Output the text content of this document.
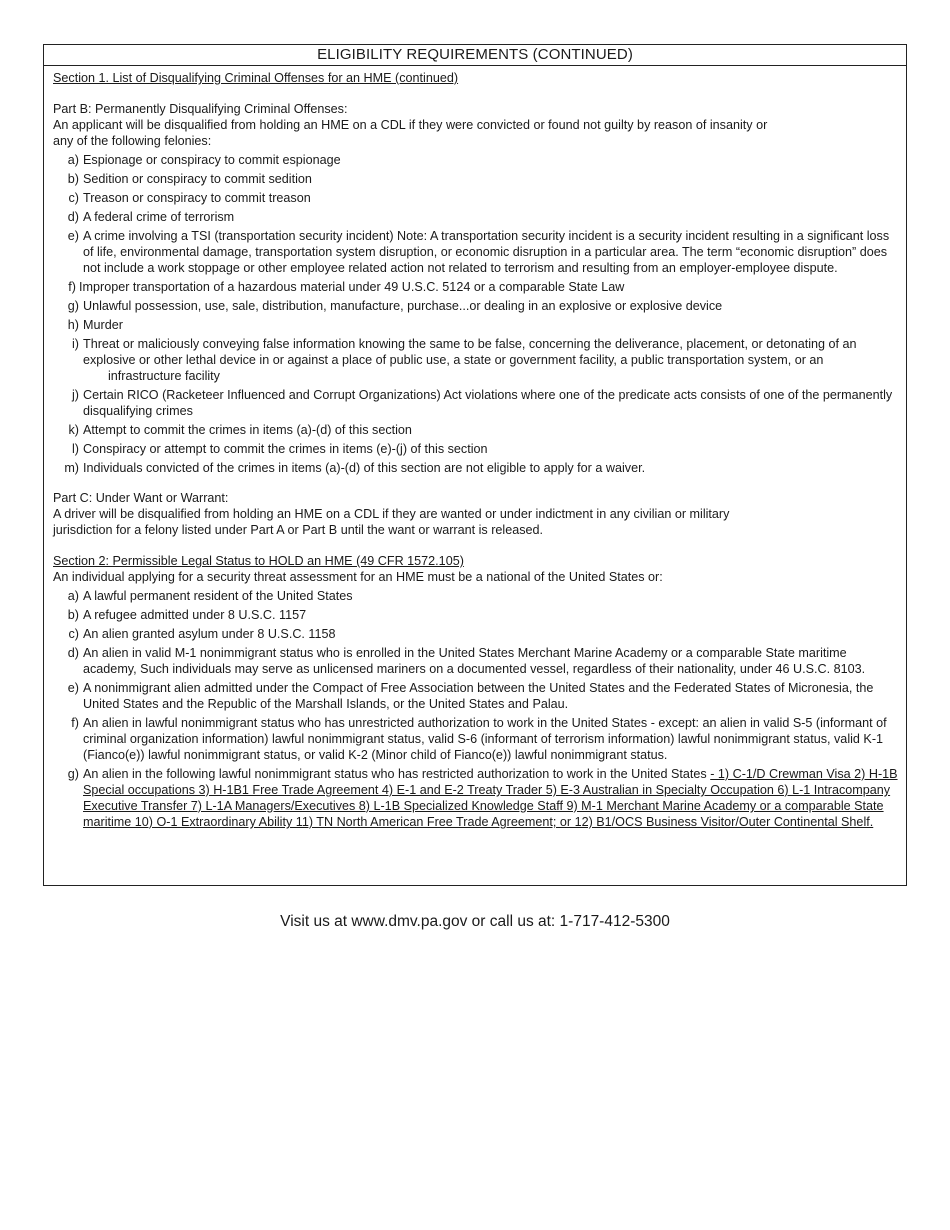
ELIGIBILITY REQUIREMENTS (CONTINUED)
Section 1. List of Disqualifying Criminal Offenses for an HME (continued)
Part B: Permanently Disqualifying Criminal Offenses:
An applicant will be disqualified from holding an HME on a CDL if they were convicted or found not guilty by reason of insanity or
any of the following felonies:
a) Espionage or conspiracy to commit espionage
b) Sedition or conspiracy to commit sedition
c) Treason or conspiracy to commit treason
d) A federal crime of terrorism
e) A crime involving a TSI (transportation security incident) Note: A transportation security incident is a security incident resulting in a significant loss of life, environmental damage, transportation system disruption, or economic disruption in a particular area. The term “economic disruption” does not include a work stoppage or other employee related action not related to terrorism and resulting from an employer-employee dispute.
f) Improper transportation of a hazardous material under 49 U.S.C. 5124 or a comparable State Law
g) Unlawful possession, use, sale, distribution, manufacture, purchase...or dealing in an explosive or explosive device
h) Murder
i) Threat or maliciously conveying false information knowing the same to be false, concerning the deliverance, placement, or detonating of an explosive or other lethal device in or against a place of public use, a state or government facility, a public transportation system, or an
infrastructure facility
j) Certain RICO (Racketeer Influenced and Corrupt Organizations) Act violations where one of the predicate acts consists of one of the permanently disqualifying crimes
k) Attempt to commit the crimes in items (a)-(d) of this section
l) Conspiracy or attempt to commit the crimes in items (e)-(j) of this section
m) Individuals convicted of the crimes in items (a)-(d) of this section are not eligible to apply for a waiver.
Part C: Under Want or Warrant:
A driver will be disqualified from holding an HME on a CDL if they are wanted or under indictment in any civilian or military
jurisdiction for a felony listed under Part A or Part B until the want or warrant is released.
Section 2: Permissible Legal Status to HOLD an HME (49 CFR 1572.105)
An individual applying for a security threat assessment for an HME must be a national of the United States or:
a) A lawful permanent resident of the United States
b) A refugee admitted under 8 U.S.C. 1157
c) An alien granted asylum under 8 U.S.C. 1158
d) An alien in valid M-1 nonimmigrant status who is enrolled in the United States Merchant Marine Academy or a comparable State maritime academy, Such individuals may serve as unlicensed mariners on a documented vessel, regardless of their nationality, under 46 U.S.C. 8103.
e) A nonimmigrant alien admitted under the Compact of Free Association between the United States and the Federated States of Micronesia, the United States and the Republic of the Marshall Islands, or the United States and Palau.
f) An alien in lawful nonimmigrant status who has unrestricted authorization to work in the United States - except: an alien in valid S-5 (informant of criminal organization information) lawful nonimmigrant status, valid S-6 (informant of terrorism information) lawful nonimmigrant status, valid K-1 (Fianco(e)) lawful nonimmigrant status, or valid K-2 (Minor child of Fianco(e)) lawful nonimmigrant status.
g) An alien in the following lawful nonimmigrant status who has restricted authorization to work in the United States - 1) C-1/D Crewman Visa 2) H-1B Special occupations 3) H-1B1 Free Trade Agreement 4) E-1 and E-2 Treaty Trader 5) E-3 Australian in Specialty Occupation 6) L-1 Intracompany Executive Transfer 7) L-1A Managers/Executives 8) L-1B Specialized Knowledge Staff 9) M-1 Merchant Marine Academy or a comparable State maritime 10) O-1 Extraordinary Ability 11) TN North American Free Trade Agreement; or 12) B1/OCS Business Visitor/Outer Continental Shelf.
Visit us at www.dmv.pa.gov or call us at: 1-717-412-5300
